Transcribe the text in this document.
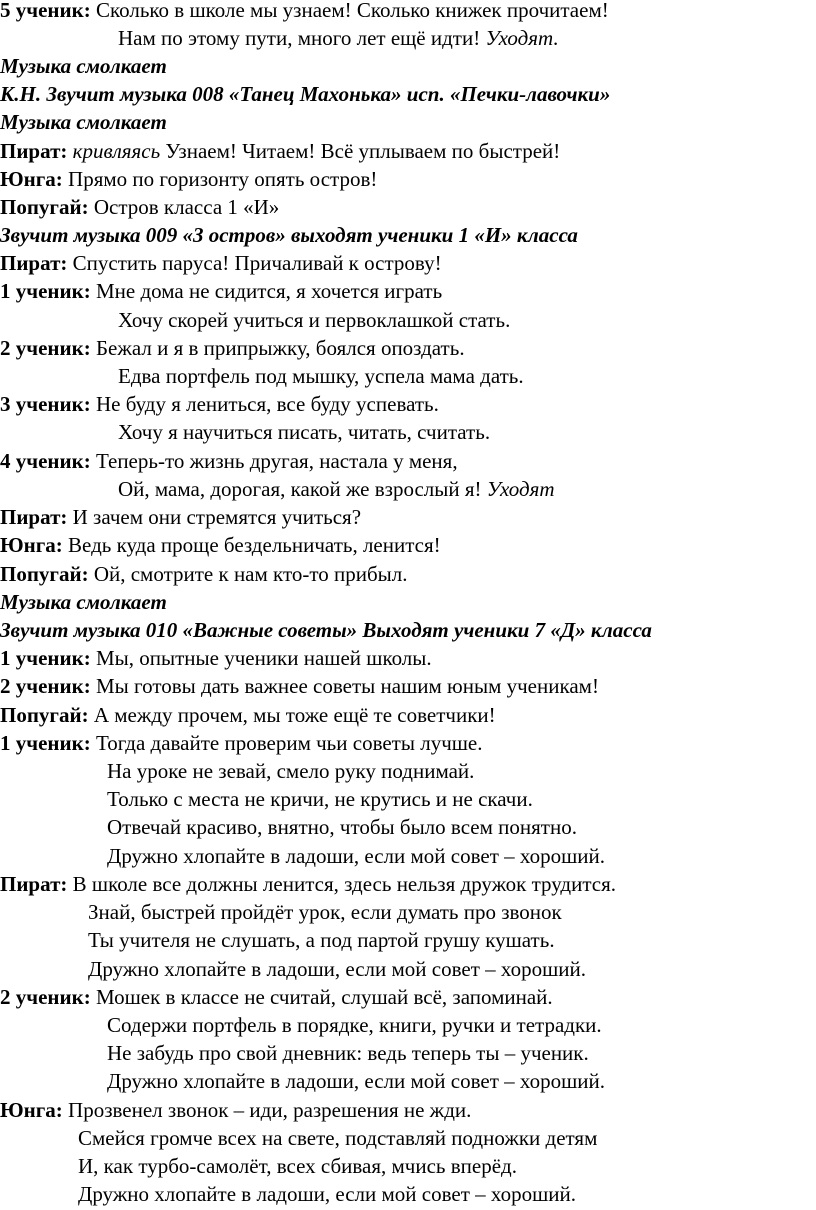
5 ученик: Сколько в школе мы узнаем! Сколько книжек прочитаем!
Нам по этому пути, много лет ещё идти! Уходят.
Музыка смолкает
К.Н. Звучит музыка 008 «Танец Махонька» исп. «Печки-лавочки»
Музыка смолкает
Пират: кривляясь Узнаем! Читаем! Всё уплываем по быстрей!
Юнга: Прямо по горизонту опять остров!
Попугай: Остров класса 1 «И»
Звучит музыка 009 «3 остров» выходят ученики 1 «И» класса
Пират: Спустить паруса! Причаливай к острову!
1 ученик: Мне дома не сидится, я хочется играть
Хочу скорей учиться и первоклашкой стать.
2 ученик: Бежал и я в припрыжку, боялся опоздать.
Едва портфель под мышку, успела мама дать.
3 ученик: Не буду я лениться, все буду успевать.
Хочу я научиться писать, читать, считать.
4 ученик: Теперь-то жизнь другая, настала у меня,
Ой, мама, дорогая, какой же взрослый я! Уходят
Пират: И зачем они стремятся учиться?
Юнга: Ведь куда проще бездельничать, ленится!
Попугай: Ой, смотрите к нам кто-то прибыл.
Музыка смолкает
Звучит музыка 010 «Важные советы» Выходят ученики 7 «Д» класса
1 ученик: Мы, опытные ученики нашей школы.
2 ученик: Мы готовы дать важнее советы нашим юным ученикам!
Попугай: А между прочем, мы тоже ещё те советчики!
1 ученик: Тогда давайте проверим чьи советы лучше.
На уроке не зевай, смело руку поднимай.
Только с места не кричи, не крутись и не скачи.
Отвечай красиво, внятно, чтобы было всем понятно.
Дружно хлопайте в ладоши, если мой совет – хороший.
Пират: В школе все должны ленится, здесь нельзя дружок трудится.
Знай, быстрей пройдёт урок, если думать про звонок
Ты учителя не слушать, а под партой грушу кушать.
Дружно хлопайте в ладоши, если мой совет – хороший.
2 ученик: Мошек в классе не считай, слушай всё, запоминай.
Содержи портфель в порядке, книги, ручки и тетрадки.
Не забудь про свой дневник: ведь теперь ты – ученик.
Дружно хлопайте в ладоши, если мой совет – хороший.
Юнга: Прозвенел звонок – иди, разрешения не жди.
Смейся громче всех на свете, подставляй подножки детям
И, как турбо-самолёт, всех сбивая, мчись вперёд.
Дружно хлопайте в ладоши, если мой совет – хороший.
